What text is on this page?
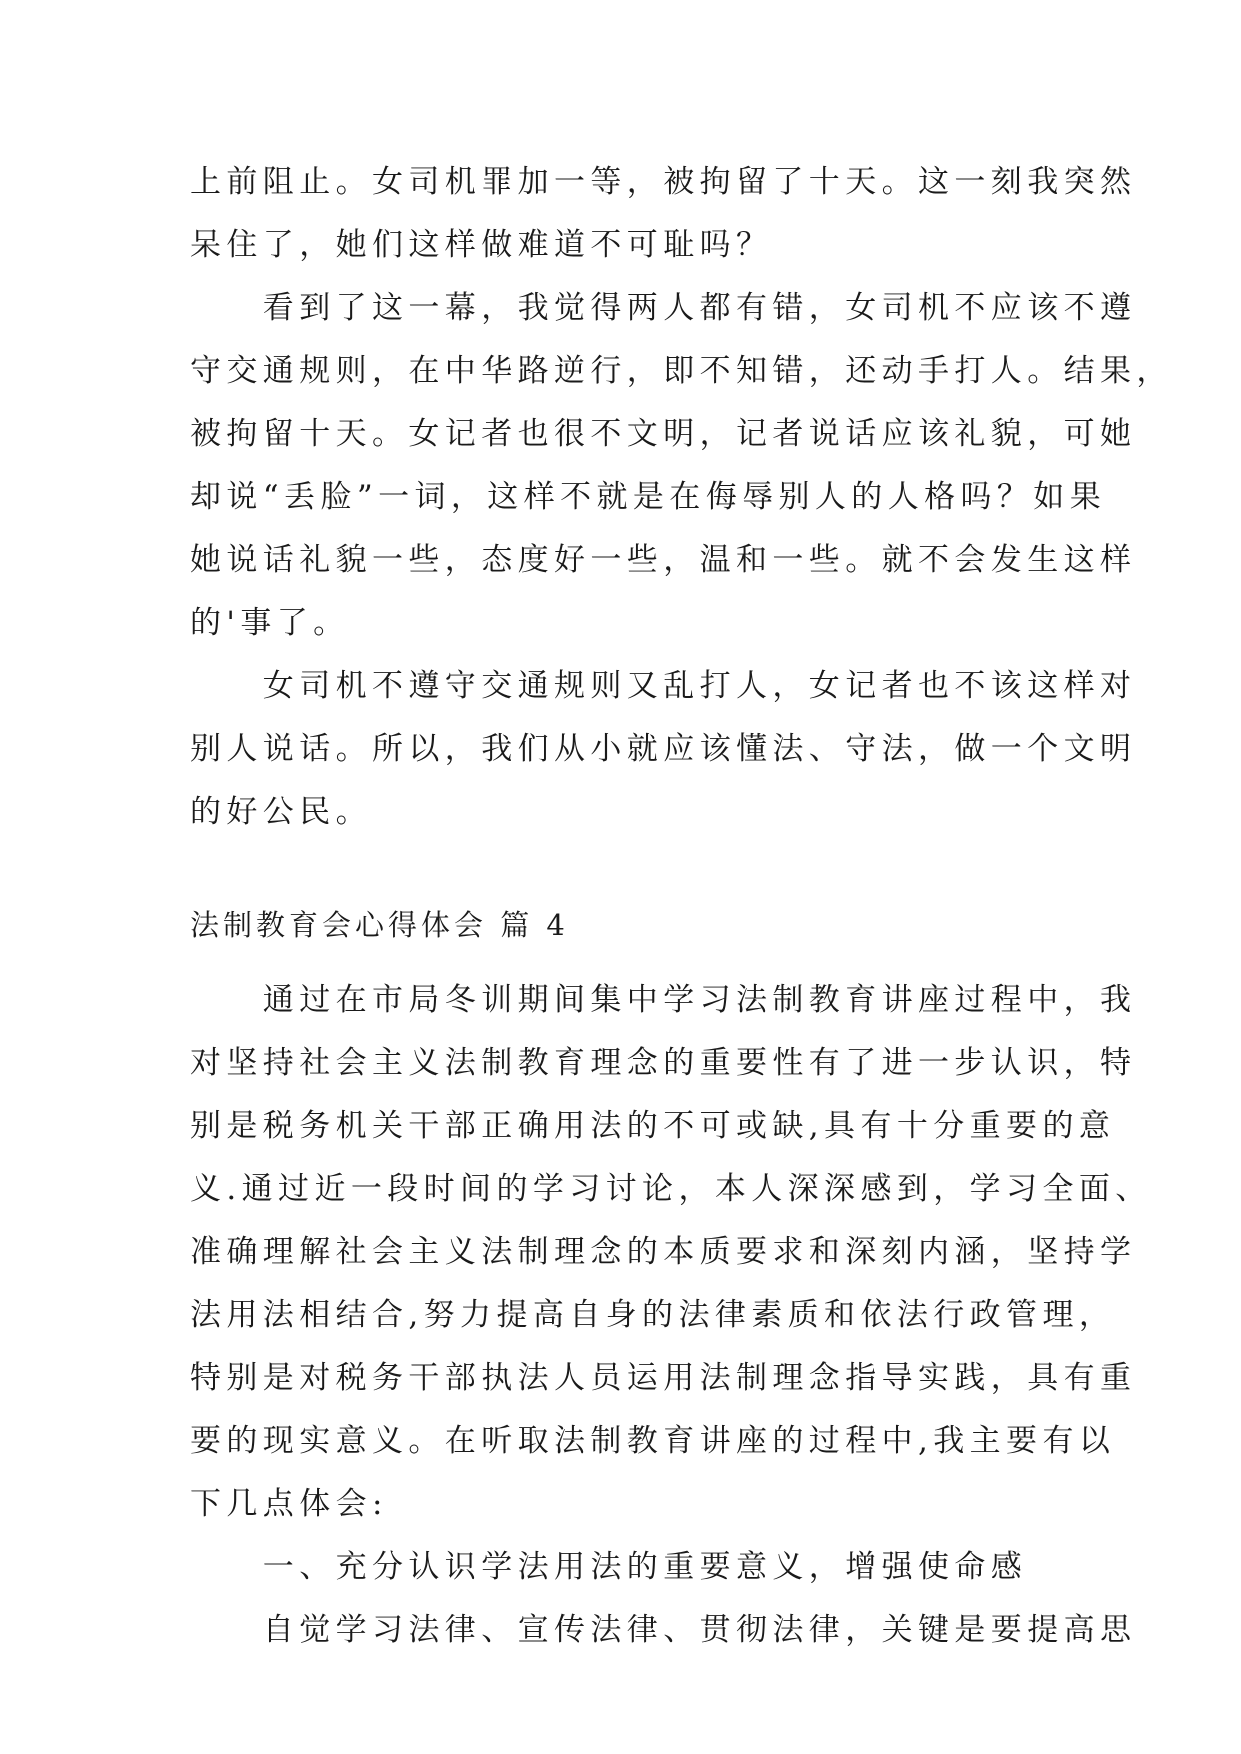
上前阻止。女司机罪加一等，被拘留了十天。这一刻我突然

呆住了，她们这样做难道不可耻吗？

　　看到了这一幕，我觉得两人都有错，女司机不应该不遵

守交通规则，在中华路逆行，即不知错，还动手打人。结果，

被拘留十天。女记者也很不文明，记者说话应该礼貌，可她

却说“丢脸”一词，这样不就是在侮辱别人的人格吗？如果

她说话礼貌一些，态度好一些，温和一些。就不会发生这样

的'事了。

　　女司机不遵守交通规则又乱打人，女记者也不该这样对

别人说话。所以，我们从小就应该懂法、守法，做一个文明

的好公民。

法制教育会心得体会 篇 4

　　通过在市局冬训期间集中学习法制教育讲座过程中，我

对坚持社会主义法制教育理念的重要性有了进一步认识，特

别是税务机关干部正确用法的不可或缺,具有十分重要的意

义.通过近一段时间的学习讨论，本人深深感到，学习全面、

准确理解社会主义法制理念的本质要求和深刻内涵，坚持学

法用法相结合,努力提高自身的法律素质和依法行政管理，

特别是对税务干部执法人员运用法制理念指导实践，具有重

要的现实意义。在听取法制教育讲座的过程中,我主要有以

下几点体会:

　　一、充分认识学法用法的重要意义，增强使命感

　　自觉学习法律、宣传法律、贯彻法律，关键是要提高思
